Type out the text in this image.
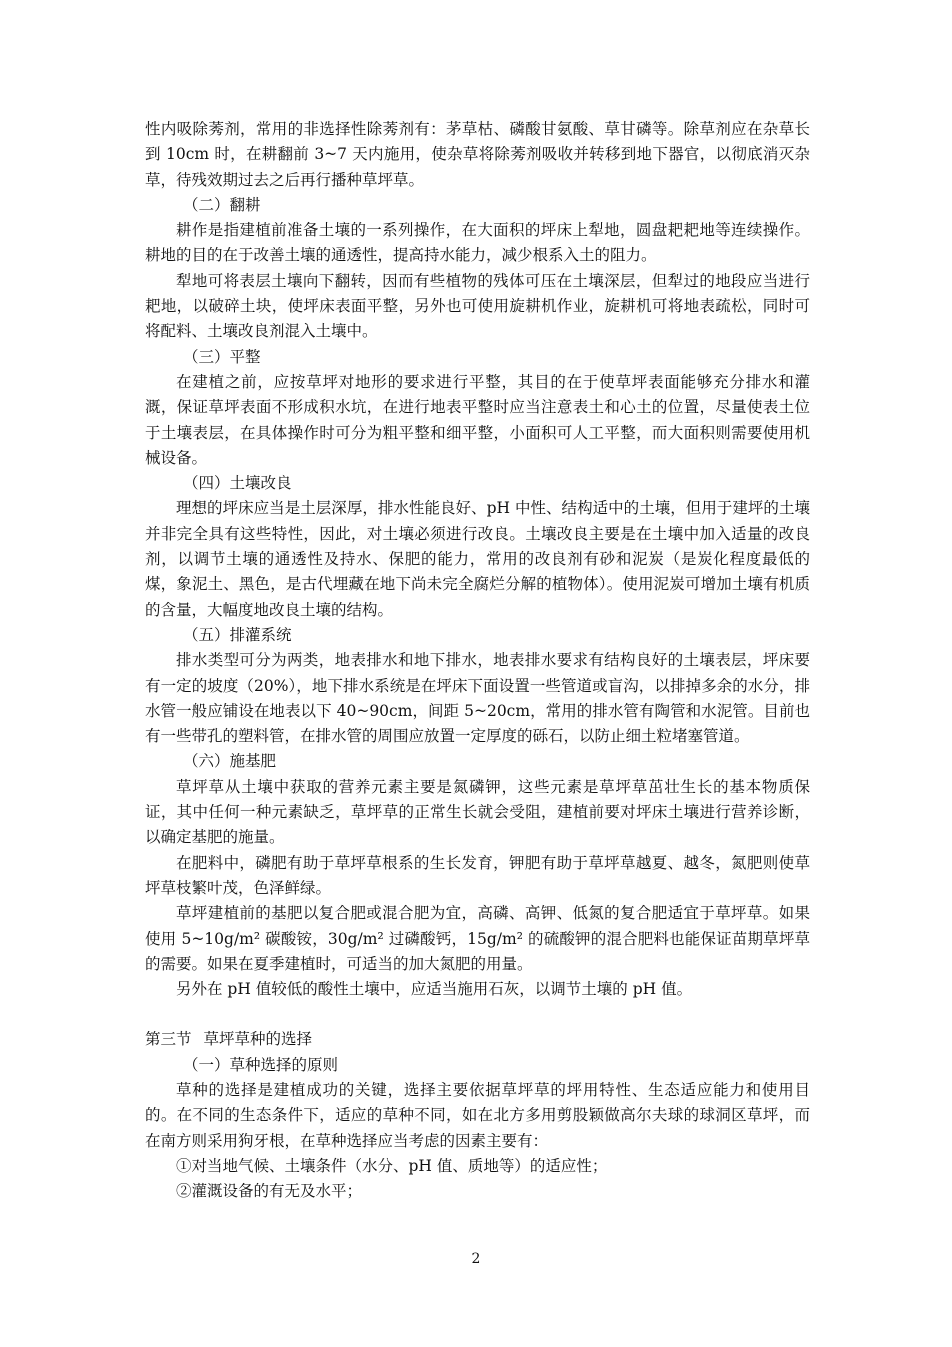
性内吸除莠剂，常用的非选择性除莠剂有：茅草枯、磷酸甘氨酸、草甘磷等。除草剂应在杂草长到 10cm 时，在耕翻前 3~7 天内施用，使杂草将除莠剂吸收并转移到地下器官，以彻底消灭杂草，待残效期过去之后再行播种草坪草。

（二）翻耕

耕作是指建植前准备土壤的一系列操作，在大面积的坪床上犁地，圆盘耙耙地等连续操作。耕地的目的在于改善土壤的通透性，提高持水能力，减少根系入土的阻力。

犁地可将表层土壤向下翻转，因而有些植物的残体可压在土壤深层，但犁过的地段应当进行耙地，以破碎土块，使坪床表面平整，另外也可使用旋耕机作业，旋耕机可将地表疏松，同时可将配料、土壤改良剂混入土壤中。

（三）平整

在建植之前，应按草坪对地形的要求进行平整，其目的在于使草坪表面能够充分排水和灌溉，保证草坪表面不形成积水坑，在进行地表平整时应当注意表土和心土的位置，尽量使表土位于土壤表层，在具体操作时可分为粗平整和细平整，小面积可人工平整，而大面积则需要使用机械设备。

（四）土壤改良

理想的坪床应当是土层深厚，排水性能良好、pH 中性、结构适中的土壤，但用于建坪的土壤并非完全具有这些特性，因此，对土壤必须进行改良。土壤改良主要是在土壤中加入适量的改良剂，以调节土壤的通透性及持水、保肥的能力，常用的改良剂有砂和泥炭（是炭化程度最低的煤，象泥土、黑色，是古代埋藏在地下尚未完全腐烂分解的植物体）。使用泥炭可增加土壤有机质的含量，大幅度地改良土壤的结构。

（五）排灌系统

排水类型可分为两类，地表排水和地下排水，地表排水要求有结构良好的土壤表层，坪床要有一定的坡度（20%），地下排水系统是在坪床下面设置一些管道或盲沟，以排掉多余的水分，排水管一般应铺设在地表以下 40~90cm，间距 5~20cm，常用的排水管有陶管和水泥管。目前也有一些带孔的塑料管，在排水管的周围应放置一定厚度的砾石，以防止细土粒堵塞管道。

（六）施基肥

草坪草从土壤中获取的营养元素主要是氮磷钾，这些元素是草坪草茁壮生长的基本物质保证，其中任何一种元素缺乏，草坪草的正常生长就会受阻，建植前要对坪床土壤进行营养诊断，以确定基肥的施量。

在肥料中，磷肥有助于草坪草根系的生长发育，钾肥有助于草坪草越夏、越冬，氮肥则使草坪草枝繁叶茂，色泽鲜绿。

草坪建植前的基肥以复合肥或混合肥为宜，高磷、高钾、低氮的复合肥适宜于草坪草。如果使用 5~10g/m² 碳酸铵，30g/m² 过磷酸钙，15g/m² 的硫酸钾的混合肥料也能保证苗期草坪草的需要。如果在夏季建植时，可适当的加大氮肥的用量。

另外在 pH 值较低的酸性土壤中，应适当施用石灰，以调节土壤的 pH 值。

第三节 草坪草种的选择

（一）草种选择的原则

草种的选择是建植成功的关键，选择主要依据草坪草的坪用特性、生态适应能力和使用目的。在不同的生态条件下，适应的草种不同，如在北方多用剪股颖做高尔夫球的球洞区草坪，而在南方则采用狗牙根，在草种选择应当考虑的因素主要有：

①对当地气候、土壤条件（水分、pH 值、质地等）的适应性；

②灌溉设备的有无及水平；

2
